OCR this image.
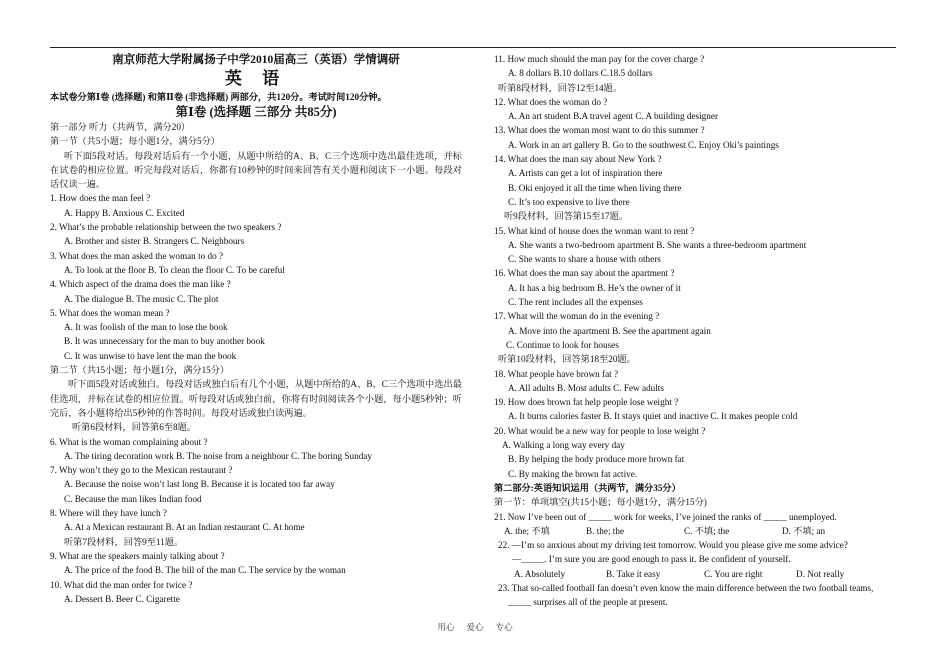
南京师范大学附属扬子中学2010届高三（英语）学情调研
英 语
本试卷分第Ⅰ卷 (选择题) 和第Ⅱ卷 (非选择题) 两部分，共120分。考试时间120分钟。
第Ⅰ卷 (选择题 三部分 共85分)
第一部分 听力（共两节，满分20）
第一节（共5小题；每小题1分，满分5分）
听下面5段对话。每段对话后有一个小题，从题中所给的A、B、C三个选项中选出最佳选项，并标在试卷的相应位置。听完每段对话后，你都有10秒钟的时间来回答有关小题和阅读下一小题。每段对话仅读一遍。
1. How does the man feel ?
A. Happy B. Anxious C. Excited
2. What’s the probable relationship between the two speakers ?
A. Brother and sister B. Strangers C. Neighbours
3. What does the man asked the woman to do ?
A. To look at the floor B. To clean the floor C. To be careful
4. Which aspect of the drama does the man like ?
A. The dialogue B. The music C. The plot
5. What does the woman mean ?
A. It was foolish of the man to lose the book
B. It was unnecessary for the man to buy another book
C. It was unwise to have lent the man the book
第二节（共15小题；每小题1分，满分15分）
听下面5段对话或独白。每段对话或独白后有几个小题，从题中所给的A、B、C三个选项中选出最佳选项，并标在试卷的相应位置。听每段对话或独白前，你将有时间阅读各个小题，每小题5秒钟；听完后，各小题将给出5秒钟的作答时间。每段对话或独白读两遍。
听第6段材料，回答第6至8题。
6. What is the woman complaining about ?
A. The tiring decoration work B. The noise from a neighbour C. The boring Sunday
7. Why won’t they go to the Mexican restaurant ?
A. Because the noise won’t last long B. Because it is located too far away
C. Because the man likes Indian food
8. Where will they have lunch ?
A. At a Mexican restaurant B. At an Indian restaurant C. At home
听第7段材料，回答9至11题。
9. What are the speakers mainly talking about ?
A. The price of the food B. The bill of the man C. The service by the woman
10. What did the man order for twice ?
A. Dessert B. Beer C. Cigarette
11. How much should the man pay for the cover charge ?
A. 8 dollars B.10 dollars C.18.5 dollars
听第8段材料，回答12至14题。
12. What does the woman do ?
A. An art student B.A travel agent C. A building designer
13. What does the woman most want to do this summer ?
A. Work in an art gallery B. Go to the southwest C. Enjoy Oki’s paintings
14. What does the man say about New York ?
A. Artists can get a lot of inspiration there
B. Oki enjoyed it all the time when living there
C. It’s too expensive to live there
听9段材料，回答第15至17题。
15. What kind of house does the woman want to rent ?
A. She wants a two-bedroom apartment B. She wants a three-bedroom apartment
C. She wants to share a house with others
16. What does the man say about the apartment ?
A. It has a big bedroom B. He’s the owner of it
C. The rent includes all the expenses
17. What will the woman do in the evening ?
A. Move into the apartment B. See the apartment again
C. Continue to look for houses
听第10段材料，回答第18至20题。
18. What people have brown fat ?
A. All adults B. Most adults C. Few adults
19. How does brown fat help people lose weight ?
A. It burns calories faster B. It stays quiet and inactive C. It makes people cold
20. What would be a new way for people to lose weight ?
A. Walking a long way every day
B. By helping the body produce more brown fat
C. By making the brown fat active.
第二部分:英语知识运用（共两节，满分35分）
第一节：单项填空(共15小题；每小题1分，满分15分)
21. Now I’ve been out of _____ work for weeks, I’ve joined the ranks of _____ unemployed.
A. the; 不填	B. the; the	C. 不填; the	D. 不填; an
22. —I’m so anxious about my driving test tomorrow. Would you please give me some advice?
—_____. I’m sure you are good enough to pass it. Be confident of yourself.
A. Absolutely	B. Take it easy	C. You are right	D. Not really
23. That so-called football fan doesn’t even know the main difference between the two football teams,
_____ surprises all of the people at present.
用心 爱心 专心
